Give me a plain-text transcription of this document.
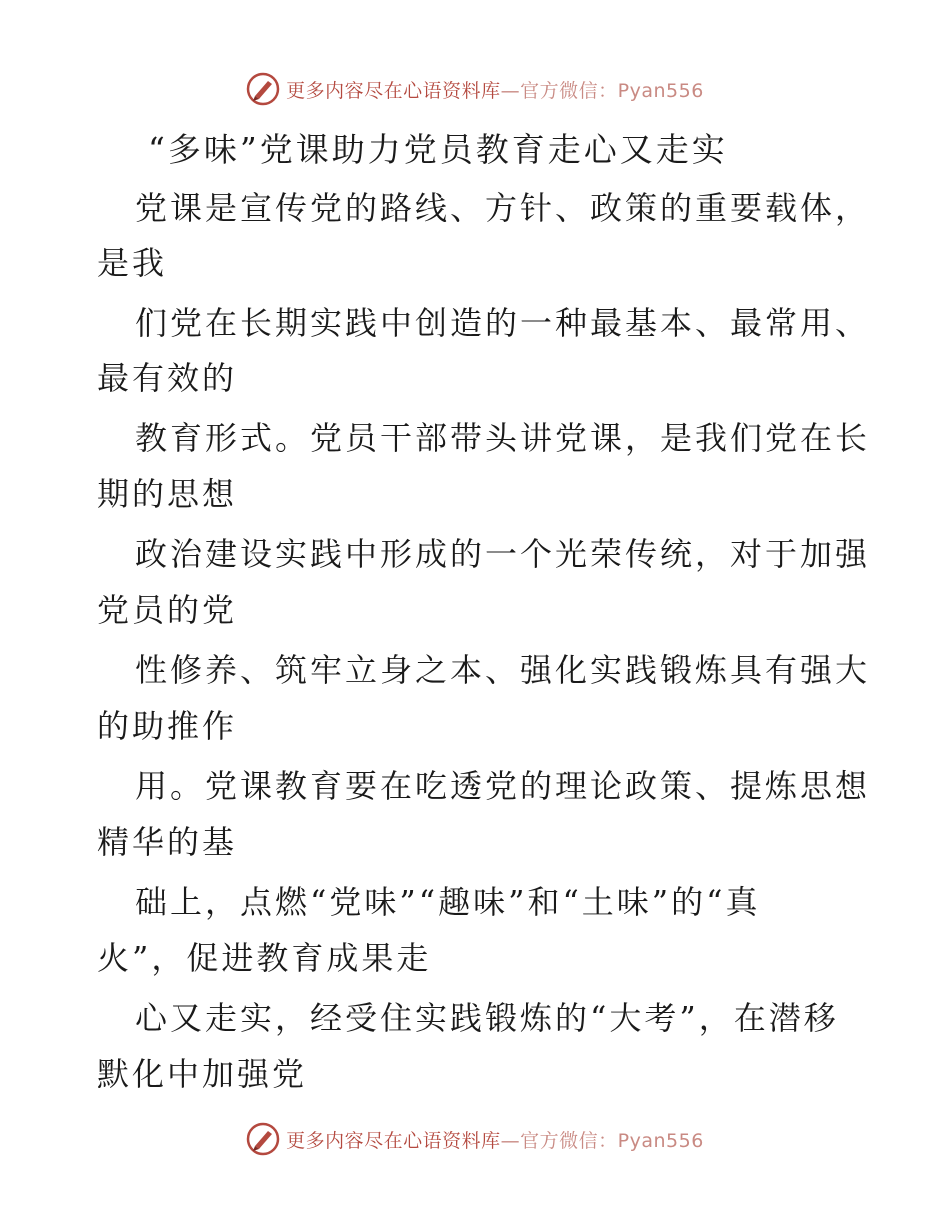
更多内容尽在心语资料库—官方微信：Pyan556
“多味”党课助力党员教育走心又走实
党课是宣传党的路线、方针、政策的重要载体，
是我
们党在长期实践中创造的一种最基本、最常用、
最有效的
教育形式。党员干部带头讲党课，是我们党在长
期的思想
政治建设实践中形成的一个光荣传统，对于加强
党员的党
性修养、筑牢立身之本、强化实践锻炼具有强大
的助推作
用。党课教育要在吃透党的理论政策、提炼思想
精华的基
础上，点燃“党味”“趣味”和“土味”的“真
火”，促进教育成果走
心又走实，经受住实践锻炼的“大考”，在潜移
默化中加强党
更多内容尽在心语资料库—官方微信：Pyan556
